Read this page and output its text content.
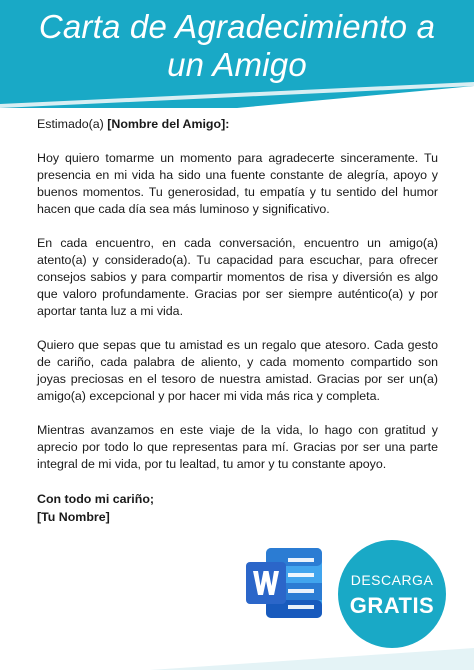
Carta de Agradecimiento a
un Amigo

Estimado(a) [Nombre del Amigo]:

Hoy quiero tomarme un momento para agradecerte sinceramente. Tu presencia en mi vida ha sido una fuente constante de alegría, apoyo y buenos momentos. Tu generosidad, tu empatía y tu sentido del humor hacen que cada día sea más luminoso y significativo.

En cada encuentro, en cada conversación, encuentro un amigo(a) atento(a) y considerado(a). Tu capacidad para escuchar, para ofrecer consejos sabios y para compartir momentos de risa y diversión es algo que valoro profundamente. Gracias por ser siempre auténtico(a) y por aportar tanta luz a mi vida.

Quiero que sepas que tu amistad es un regalo que atesoro. Cada gesto de cariño, cada palabra de aliento, y cada momento compartido son joyas preciosas en el tesoro de nuestra amistad. Gracias por ser un(a) amigo(a) excepcional y por hacer mi vida más rica y completa.

Mientras avanzamos en este viaje de la vida, lo hago con gratitud y aprecio por todo lo que representas para mí. Gracias por ser una parte integral de mi vida, por tu lealtad, tu amor y tu constante apoyo.

Con todo mi cariño;
[Tu Nombre]
DESCARGA
GRATIS
